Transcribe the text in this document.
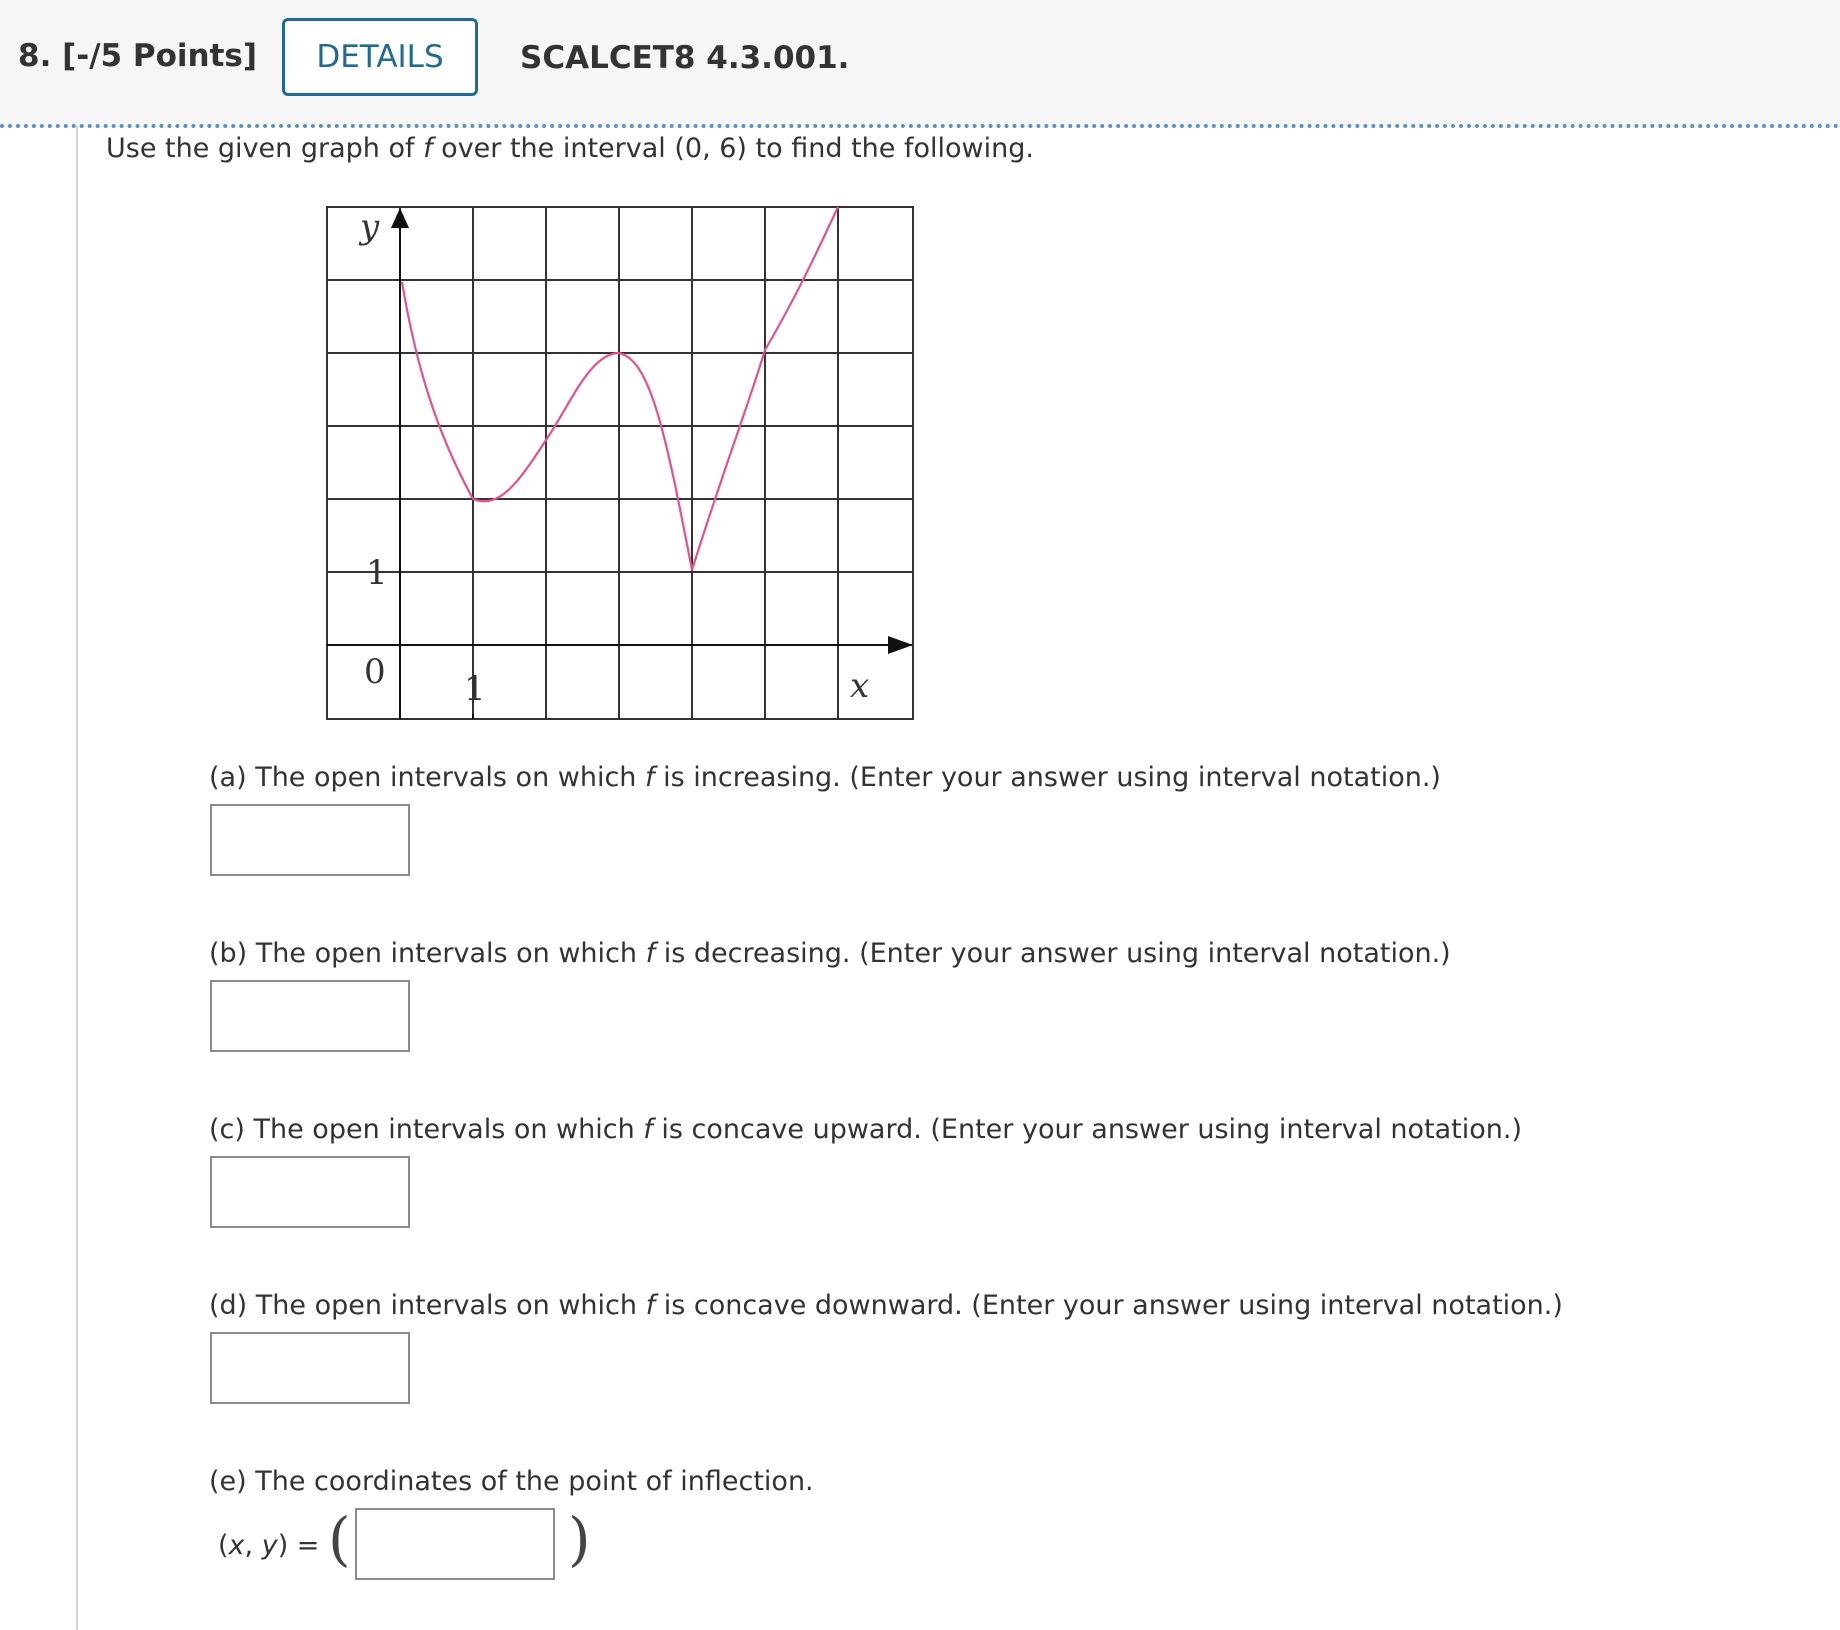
8. [-/5 Points]	DETAILS	SCALCET8 4.3.001.
Use the given graph of f over the interval (0, 6) to find the following.
y
x
0 1
1
(a) The open intervals on which f is increasing. (Enter your answer using interval notation.)
(b) The open intervals on which f is decreasing. (Enter your answer using interval notation.)
(c) The open intervals on which f is concave upward. (Enter your answer using interval notation.)
(d) The open intervals on which f is concave downward. (Enter your answer using interval notation.)
(e) The coordinates of the point of inflection.
(x, y) = (	)
